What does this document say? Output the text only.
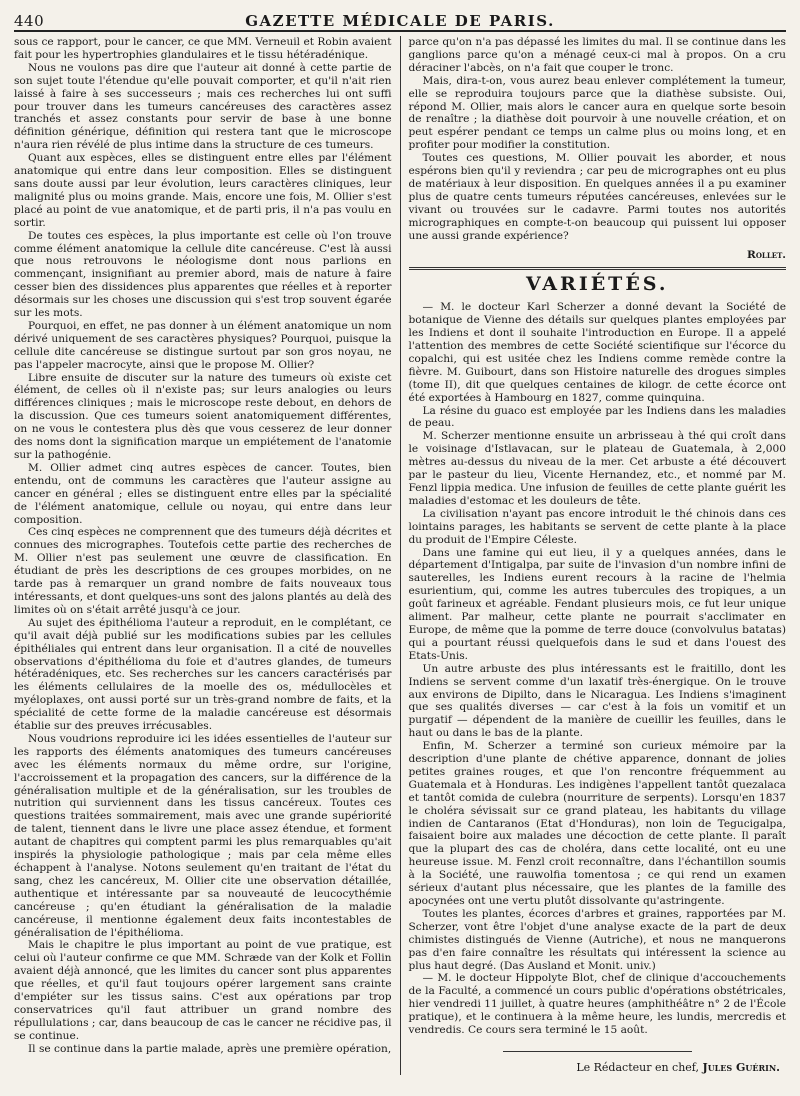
440	GAZETTE MÉDICALE DE PARIS.

sous ce rapport, pour le cancer, ce que MM. Verneuil et Robin avaient fait pour les hypertrophies glandulaires et le tissu hétéradénique.

Nous ne voulons pas dire que l'auteur ait donné à cette partie de son sujet toute l'étendue qu'elle pouvait comporter, et qu'il n'ait rien laissé à faire à ses successeurs ; mais ces recherches lui ont suffi pour trouver dans les tumeurs cancéreuses des caractères assez tranchés et assez constants pour servir de base à une bonne définition générique, définition qui restera tant que le microscope n'aura rien révélé de plus intime dans la structure de ces tumeurs.

Quant aux espèces, elles se distinguent entre elles par l'élément anatomique qui entre dans leur composition. Elles se distinguent sans doute aussi par leur évolution, leurs caractères cliniques, leur malignité plus ou moins grande. Mais, encore une fois, M. Ollier s'est placé au point de vue anatomique, et de parti pris, il n'a pas voulu en sortir.

De toutes ces espèces, la plus importante est celle où l'on trouve comme élément anatomique la cellule dite cancéreuse. C'est là aussi que nous retrouvons le néologisme dont nous parlions en commençant, insignifiant au premier abord, mais de nature à faire cesser bien des dissidences plus apparentes que réelles et à reporter désormais sur les choses une discussion qui s'est trop souvent égarée sur les mots.

Pourquoi, en effet, ne pas donner à un élément anatomique un nom dérivé uniquement de ses caractères physiques? Pourquoi, puisque la cellule dite cancéreuse se distingue surtout par son gros noyau, ne pas l'appeler macrocyte, ainsi que le propose M. Ollier?

Libre ensuite de discuter sur la nature des tumeurs où existe cet élément, de celles où il n'existe pas; sur leurs analogies ou leurs différences cliniques ; mais le microscope reste debout, en dehors de la discussion. Que ces tumeurs soient anatomiquement différentes, on ne vous le contestera plus dès que vous cesserez de leur donner des noms dont la signification marque un empiétement de l'anatomie sur la pathogénie.

M. Ollier admet cinq autres espèces de cancer. Toutes, bien entendu, ont de communs les caractères que l'auteur assigne au cancer en général ; elles se distinguent entre elles par la spécialité de l'élément anatomique, cellule ou noyau, qui entre dans leur composition.

Ces cinq espèces ne comprennent que des tumeurs déjà décrites et connues des micrographes. Toutefois cette partie des recherches de M. Ollier n'est pas seulement une œuvre de classification. En étudiant de près les descriptions de ces groupes morbides, on ne tarde pas à remarquer un grand nombre de faits nouveaux tous intéressants, et dont quelques-uns sont des jalons plantés au delà des limites où on s'était arrêté jusqu'à ce jour.

Au sujet des épithélioma l'auteur a reproduit, en le complétant, ce qu'il avait déjà publié sur les modifications subies par les cellules épithéliales qui entrent dans leur organisation. Il a cité de nouvelles observations d'épithélioma du foie et d'autres glandes, de tumeurs hétéradéniques, etc. Ses recherches sur les cancers caractérisés par les éléments cellulaires de la moelle des os, médullocèles et myéloplaxes, ont aussi porté sur un très-grand nombre de faits, et la spécialité de cette forme de la maladie cancéreuse est désormais établie sur des preuves irrécusables.

Nous voudrions reproduire ici les idées essentielles de l'auteur sur les rapports des éléments anatomiques des tumeurs cancéreuses avec les éléments normaux du même ordre, sur l'origine, l'accroissement et la propagation des cancers, sur la différence de la généralisation multiple et de la généralisation, sur les troubles de nutrition qui surviennent dans les tissus cancéreux. Toutes ces questions traitées sommairement, mais avec une grande supériorité de talent, tiennent dans le livre une place assez étendue, et forment autant de chapitres qui comptent parmi les plus remarquables qu'ait inspirés la physiologie pathologique ; mais par cela même elles échappent à l'analyse. Notons seulement qu'en traitant de l'état du sang, chez les cancéreux, M. Ollier cite une observation détaillée, authentique et intéressante par sa nouveauté de leucocythémie cancéreuse ; qu'en étudiant la généralisation de la maladie cancéreuse, il mentionne également deux faits incontestables de généralisation de l'épithélioma.

Mais le chapitre le plus important au point de vue pratique, est celui où l'auteur confirme ce que MM. Schræde van der Kolk et Follin avaient déjà annoncé, que les limites du cancer sont plus apparentes que réelles, et qu'il faut toujours opérer largement sans crainte d'empiéter sur les tissus sains. C'est aux opérations par trop conservatrices qu'il faut attribuer un grand nombre des répullulations ; car, dans beaucoup de cas le cancer ne récidive pas, il se continue.

Il se continue dans la partie malade, après une première opération,

parce qu'on n'a pas dépassé les limites du mal. Il se continue dans les ganglions parce qu'on a ménagé ceux-ci mal à propos. On a cru déraciner l'abcès, on n'a fait que couper le tronc.

Mais, dira-t-on, vous aurez beau enlever complétement la tumeur, elle se reproduira toujours parce que la diathèse subsiste. Oui, répond M. Ollier, mais alors le cancer aura en quelque sorte besoin de renaître ; la diathèse doit pourvoir à une nouvelle création, et on peut espérer pendant ce temps un calme plus ou moins long, et en profiter pour modifier la constitution.

Toutes ces questions, M. Ollier pouvait les aborder, et nous espérons bien qu'il y reviendra ; car peu de micrographes ont eu plus de matériaux à leur disposition. En quelques années il a pu examiner plus de quatre cents tumeurs réputées cancéreuses, enlevées sur le vivant ou trouvées sur le cadavre. Parmi toutes nos autorités micrographiques en compte-t-on beaucoup qui puissent lui opposer une aussi grande expérience?

Rollet.
VARIÉTÉS.

— M. le docteur Karl Scherzer a donné devant la Société de botanique de Vienne des détails sur quelques plantes employées par les Indiens et dont il souhaite l'introduction en Europe. Il a appelé l'attention des membres de cette Société scientifique sur l'écorce du copalchi, qui est usitée chez les Indiens comme remède contre la fièvre. M. Guibourt, dans son Histoire naturelle des drogues simples (tome II), dit que quelques centaines de kilogr. de cette écorce ont été exportées à Hambourg en 1827, comme quinquina.

La résine du guaco est employée par les Indiens dans les maladies de peau.

M. Scherzer mentionne ensuite un arbrisseau à thé qui croît dans le voisinage d'Istlavacan, sur le plateau de Guatemala, à 2,000 mètres au-dessus du niveau de la mer. Cet arbuste a été découvert par le pasteur du lieu, Vicente Hernandez, etc., et nommé par M. Fenzl lippia medica. Une infusion de feuilles de cette plante guérit les maladies d'estomac et les douleurs de tête.

La civilisation n'ayant pas encore introduit le thé chinois dans ces lointains parages, les habitants se servent de cette plante à la place du produit de l'Empire Céleste.

Dans une famine qui eut lieu, il y a quelques années, dans le département d'Intigalpa, par suite de l'invasion d'un nombre infini de sauterelles, les Indiens eurent recours à la racine de l'helmia esurientium, qui, comme les autres tubercules des tropiques, a un goût farineux et agréable. Fendant plusieurs mois, ce fut leur unique aliment. Par malheur, cette plante ne pourrait s'acclimater en Europe, de même que la pomme de terre douce (convolvulus batatas) qui a pourtant réussi quelquefois dans le sud et dans l'ouest des Etats-Unis.

Un autre arbuste des plus intéressants est le fraitillo, dont les Indiens se servent comme d'un laxatif très-énergique. On le trouve aux environs de Dipilto, dans le Nicaragua. Les Indiens s'imaginent que ses qualités diverses — car c'est à la fois un vomitif et un purgatif — dépendent de la manière de cueillir les feuilles, dans le haut ou dans le bas de la plante.

Enfin, M. Scherzer a terminé son curieux mémoire par la description d'une plante de chétive apparence, donnant de jolies petites graines rouges, et que l'on rencontre fréquemment au Guatemala et à Honduras. Les indigènes l'appellent tantôt quezalaca et tantôt comida de culebra (nourriture de serpents). Lorsqu'en 1837 le choléra sévissait sur ce grand plateau, les habitants du village indien de Cantaranos (Etat d'Honduras), non loin de Tegucigalpa, faisaient boire aux malades une décoction de cette plante. Il paraît que la plupart des cas de choléra, dans cette localité, ont eu une heureuse issue. M. Fenzl croit reconnaître, dans l'échantillon soumis à la Société, une rauwolfia tomentosa ; ce qui rend un examen sérieux d'autant plus nécessaire, que les plantes de la famille des apocynées ont une vertu plutôt dissolvante qu'astringente.

Toutes les plantes, écorces d'arbres et graines, rapportées par M. Scherzer, vont être l'objet d'une analyse exacte de la part de deux chimistes distingués de Vienne (Autriche), et nous ne manquerons pas d'en faire connaître les résultats qui intéressent la science au plus haut degré. (Das Ausland et Monit. univ.)

— M. le docteur Hippolyte Blot, chef de clinique d'accouchements de la Faculté, a commencé un cours public d'opérations obstétricales, hier vendredi 11 juillet, à quatre heures (amphithéâtre n° 2 de l'École pratique), et le continuera à la même heure, les lundis, mercredis et vendredis. Ce cours sera terminé le 15 août.

Le Rédacteur en chef, Jules Guérin.
